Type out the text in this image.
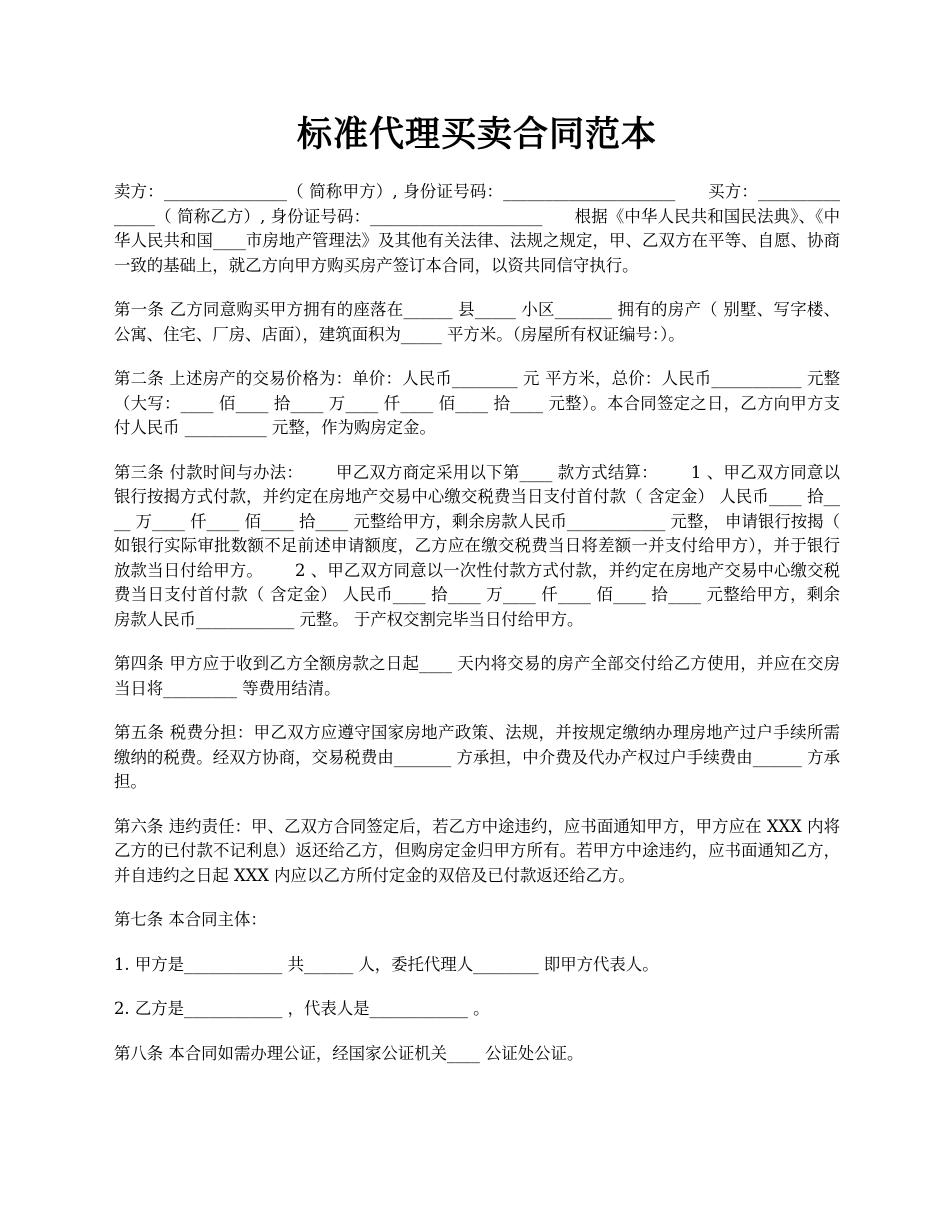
标准代理买卖合同范本

卖方：_______________（ 简称甲方）, 身份证号码：_____________________      买方：_______________（ 简称乙方）, 身份证号码：_____________________      根据《中华人民共和国民法典》、《中华人民共和国____市房地产管理法》及其他有关法律、法规之规定，甲、乙双方在平等、自愿、协商一致的基础上，就乙方向甲方购买房产签订本合同，以资共同信守执行。

第一条 乙方同意购买甲方拥有的座落在______ 县_____ 小区_______ 拥有的房产（ 别墅、写字楼、公寓、住宅、厂房、店面），建筑面积为_____ 平方米。（房屋所有权证编号：）。

第二条 上述房产的交易价格为：单价：人民币________ 元 平方米，总价：人民币___________ 元整（大写：____ 佰____ 拾____ 万____ 仟____ 佰____ 拾____ 元整）。本合同签定之日，乙方向甲方支付人民币 __________ 元整，作为购房定金。

第三条 付款时间与办法：      甲乙双方商定采用以下第____ 款方式结算：      1 、甲乙双方同意以银行按揭方式付款，并约定在房地产交易中心缴交税费当日支付首付款（ 含定金） 人民币____ 拾____ 万____ 仟____ 佰____ 拾____ 元整给甲方，剩余房款人民币____________ 元整， 申请银行按揭（ 如银行实际审批数额不足前述申请额度，乙方应在缴交税费当日将差额一并支付给甲方），并于银行放款当日付给甲方。      2 、甲乙双方同意以一次性付款方式付款，并约定在房地产交易中心缴交税费当日支付首付款（ 含定金） 人民币____ 拾____ 万____ 仟____ 佰____ 拾____ 元整给甲方，剩余房款人民币____________ 元整。 于产权交割完毕当日付给甲方。

第四条 甲方应于收到乙方全额房款之日起____ 天内将交易的房产全部交付给乙方使用，并应在交房当日将_________ 等费用结清。

第五条 税费分担：甲乙双方应遵守国家房地产政策、法规，并按规定缴纳办理房地产过户手续所需缴纳的税费。经双方协商，交易税费由_______ 方承担，中介费及代办产权过户手续费由______ 方承担。

第六条 违约责任：甲、乙双方合同签定后，若乙方中途违约，应书面通知甲方，甲方应在 XXX 内将乙方的已付款不记利息）返还给乙方，但购房定金归甲方所有。若甲方中途违约，应书面通知乙方，并自违约之日起 XXX 内应以乙方所付定金的双倍及已付款返还给乙方。

第七条 本合同主体：

1. 甲方是____________ 共______ 人，委托代理人________ 即甲方代表人。

2. 乙方是____________ ，代表人是____________ 。

第八条 本合同如需办理公证，经国家公证机关____ 公证处公证。
